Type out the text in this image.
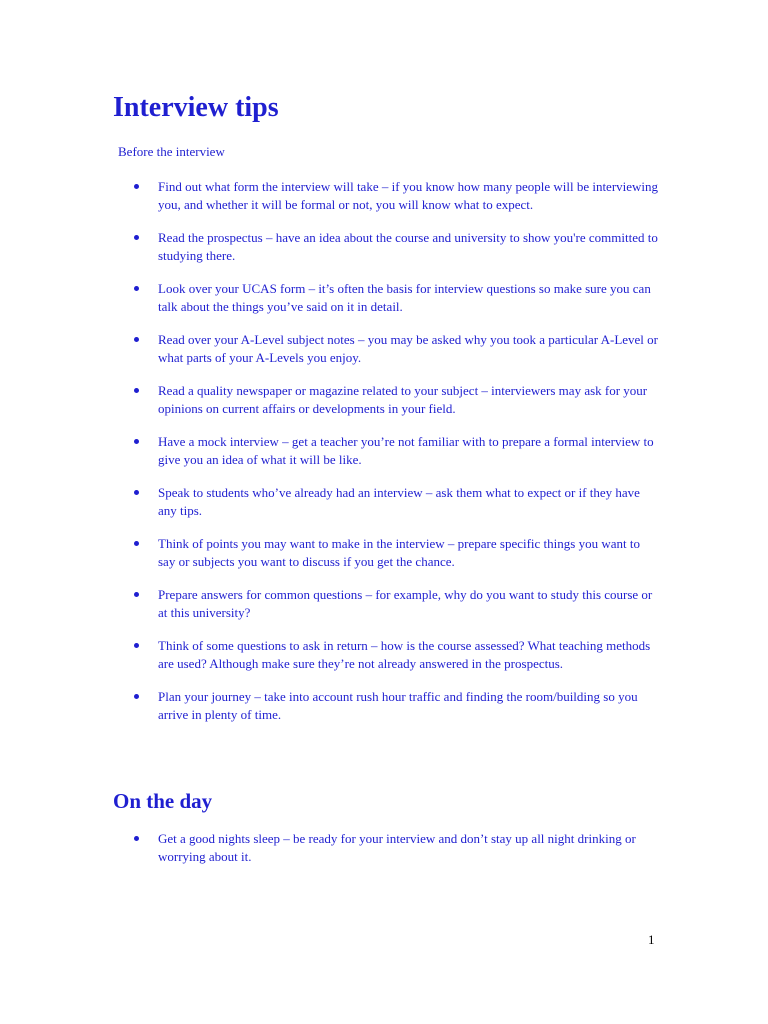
Interview tips

Before the interview

Find out what form the interview will take – if you know how many people will be interviewing you, and whether it will be formal or not, you will know what to expect.
Read the prospectus – have an idea about the course and university to show you're committed to studying there.
Look over your UCAS form – it’s often the basis for interview questions so make sure you can talk about the things you’ve said on it in detail.
Read over your A-Level subject notes – you may be asked why you took a particular A-Level or what parts of your A-Levels you enjoy.
Read a quality newspaper or magazine related to your subject – interviewers may ask for your opinions on current affairs or developments in your field.
Have a mock interview – get a teacher you’re not familiar with to prepare a formal interview to give you an idea of what it will be like.
Speak to students who’ve already had an interview – ask them what to expect or if they have any tips.
Think of points you may want to make in the interview – prepare specific things you want to say or subjects you want to discuss if you get the chance.
Prepare answers for common questions – for example, why do you want to study this course or at this university?
Think of some questions to ask in return – how is the course assessed? What teaching methods are used? Although make sure they’re not already answered in the prospectus.
Plan your journey – take into account rush hour traffic and finding the room/building so you arrive in plenty of time.
On the day
Get a good nights sleep – be ready for your interview and don’t stay up all night drinking or worrying about it.
1
